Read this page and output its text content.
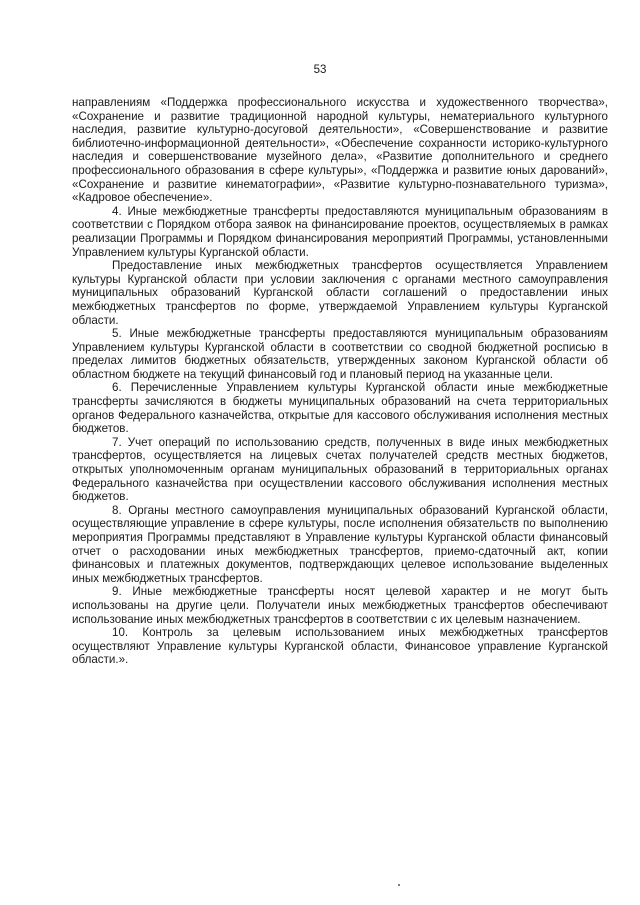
53

направлениям «Поддержка профессионального искусства и художественного творчества», «Сохранение и развитие традиционной народной культуры, нематериального культурного наследия, развитие культурно-досуговой деятельности», «Совершенствование и развитие библиотечно-информационной деятельности», «Обеспечение сохранности историко-культурного наследия и совершенствование музейного дела», «Развитие дополнительного и среднего профессионального образования в сфере культуры», «Поддержка и развитие юных дарований», «Сохранение и развитие кинематографии», «Развитие культурно-познавательного туризма», «Кадровое обеспечение».

4. Иные межбюджетные трансферты предоставляются муниципальным образованиям в соответствии с Порядком отбора заявок на финансирование проектов, осуществляемых в рамках реализации Программы и Порядком финансирования мероприятий Программы, установленными Управлением культуры Курганской области.

Предоставление иных межбюджетных трансфертов осуществляется Управлением культуры Курганской области при условии заключения с органами местного самоуправления муниципальных образований Курганской области соглашений о предоставлении иных межбюджетных трансфертов по форме, утверждаемой Управлением культуры Курганской области.

5. Иные межбюджетные трансферты предоставляются муниципальным образованиям Управлением культуры Курганской области в соответствии со сводной бюджетной росписью в пределах лимитов бюджетных обязательств, утвержденных законом Курганской области об областном бюджете на текущий финансовый год и плановый период на указанные цели.

6. Перечисленные Управлением культуры Курганской области иные межбюджетные трансферты зачисляются в бюджеты муниципальных образований на счета территориальных органов Федерального казначейства, открытые для кассового обслуживания исполнения местных бюджетов.

7. Учет операций по использованию средств, полученных в виде иных межбюджетных трансфертов, осуществляется на лицевых счетах получателей средств местных бюджетов, открытых уполномоченным органам муниципальных образований в территориальных органах Федерального казначейства при осуществлении кассового обслуживания исполнения местных бюджетов.

8. Органы местного самоуправления муниципальных образований Курганской области, осуществляющие управление в сфере культуры, после исполнения обязательств по выполнению мероприятия Программы представляют в Управление культуры Курганской области финансовый отчет о расходовании иных межбюджетных трансфертов, приемо-сдаточный акт, копии финансовых и платежных документов, подтверждающих целевое использование выделенных иных межбюджетных трансфертов.

9. Иные межбюджетные трансферты носят целевой характер и не могут быть использованы на другие цели. Получатели иных межбюджетных трансфертов обеспечивают использование иных межбюджетных трансфертов в соответствии с их целевым назначением.

10. Контроль за целевым использованием иных межбюджетных трансфертов осуществляют Управление культуры Курганской области, Финансовое управление Курганской области.».
